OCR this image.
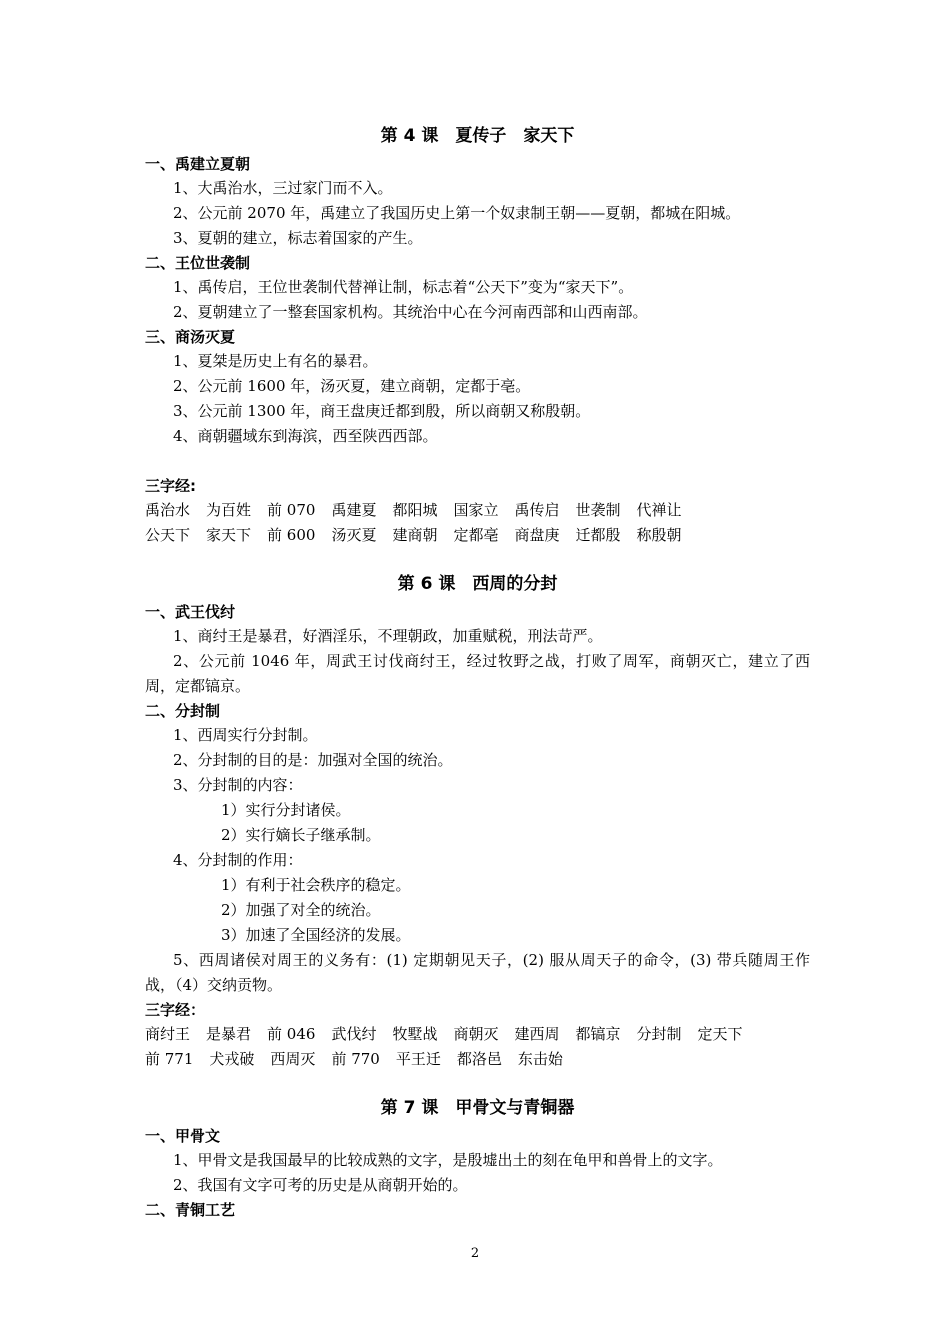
第 4 课　夏传子　家天下
一、禹建立夏朝
1、大禹治水，三过家门而不入。
2、公元前 2070 年，禹建立了我国历史上第一个奴隶制王朝——夏朝，都城在阳城。
3、夏朝的建立，标志着国家的产生。
二、王位世袭制
1、禹传启，王位世袭制代替禅让制，标志着“公天下”变为“家天下”。
2、夏朝建立了一整套国家机构。其统治中心在今河南西部和山西南部。
三、商汤灭夏
1、夏桀是历史上有名的暴君。
2、公元前 1600 年，汤灭夏，建立商朝，定都于亳。
3、公元前 1300 年，商王盘庚迁都到殷，所以商朝又称殷朝。
4、商朝疆域东到海滨，西至陕西西部。
三字经:
禹治水 为百姓 前 070 禹建夏 都阳城 国家立 禹传启 世袭制 代禅让
公天下 家天下 前 600 汤灭夏 建商朝 定都亳 商盘庚 迁都殷 称殷朝
第 6 课　西周的分封
一、武王伐纣
1、商纣王是暴君，好酒淫乐，不理朝政，加重赋税，刑法苛严。
2、公元前 1046 年，周武王讨伐商纣王，经过牧野之战，打败了周军，商朝灭亡，建立了西周，定都镐京。
二、分封制
1、西周实行分封制。
2、分封制的目的是：加强对全国的统治。
3、分封制的内容：
1）实行分封诸侯。
2）实行嫡长子继承制。
4、分封制的作用：
1）有利于社会秩序的稳定。
2）加强了对全的统治。
3）加速了全国经济的发展。
5、西周诸侯对周王的义务有：(1) 定期朝见天子，(2) 服从周天子的命令，(3) 带兵随周王作战，（4）交纳贡物。
三字经：
商纣王 是暴君 前 046 武伐纣 牧墅战 商朝灭 建西周 都镐京 分封制 定天下
前 771 犬戎破 西周灭 前 770 平王迁 都洛邑 东击始
第 7 课　甲骨文与青铜器
一、甲骨文
1、甲骨文是我国最早的比较成熟的文字，是殷墟出土的刻在龟甲和兽骨上的文字。
2、我国有文字可考的历史是从商朝开始的。
二、青铜工艺
2
